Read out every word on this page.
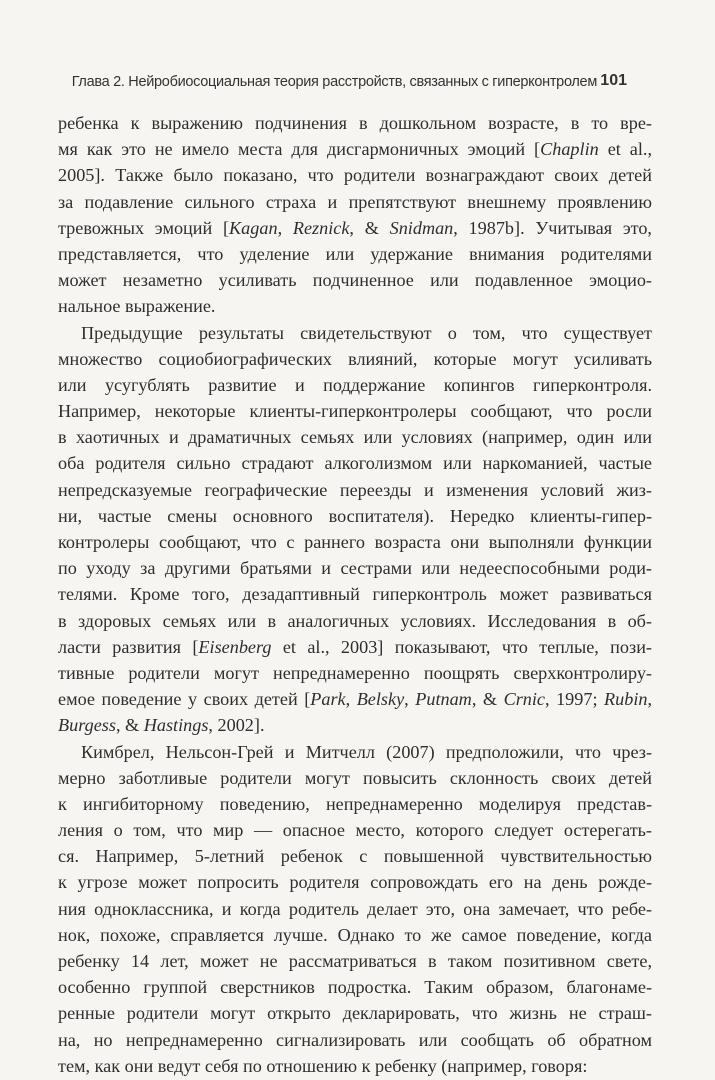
Глава 2. Нейробиосоциальная теория расстройств, связанных с гиперконтролем 101
ребенка к выражению подчинения в дошкольном возрасте, в то вре-
мя как это не имело места для дисгармоничных эмоций [Chaplin et al.,
2005]. Также было показано, что родители вознаграждают своих детей
за подавление сильного страха и препятствуют внешнему проявлению
тревожных эмоций [Kagan, Reznick, & Snidman, 1987b]. Учитывая это,
представляется, что уделение или удержание внимания родителями
может незаметно усиливать подчиненное или подавленное эмоцио-
нальное выражение.
Предыдущие результаты свидетельствуют о том, что существует
множество социобиографических влияний, которые могут усиливать
или усугублять развитие и поддержание копингов гиперконтроля.
Например, некоторые клиенты-гиперконтролеры сообщают, что росли
в хаотичных и драматичных семьях или условиях (например, один или
оба родителя сильно страдают алкоголизмом или наркоманией, частые
непредсказуемые географические переезды и изменения условий жиз-
ни, частые смены основного воспитателя). Нередко клиенты-гипер-
контролеры сообщают, что с раннего возраста они выполняли функции
по уходу за другими братьями и сестрами или недееспособными роди-
телями. Кроме того, дезадаптивный гиперконтроль может развиваться
в здоровых семьях или в аналогичных условиях. Исследования в об-
ласти развития [Eisenberg et al., 2003] показывают, что теплые, пози-
тивные родители могут непреднамеренно поощрять сверхконтролиру-
емое поведение у своих детей [Park, Belsky, Putnam, & Crnic, 1997; Rubin,
Burgess, & Hastings, 2002].
Кимбрел, Нельсон-Грей и Митчелл (2007) предположили, что чрез-
мерно заботливые родители могут повысить склонность своих детей
к ингибиторному поведению, непреднамеренно моделируя представ-
ления о том, что мир — опасное место, которого следует остерегать-
ся. Например, 5-летний ребенок с повышенной чувствительностью
к угрозе может попросить родителя сопровождать его на день рожде-
ния одноклассника, и когда родитель делает это, она замечает, что ребе-
нок, похоже, справляется лучше. Однако то же самое поведение, когда
ребенку 14 лет, может не рассматриваться в таком позитивном свете,
особенно группой сверстников подростка. Таким образом, благонаме-
ренные родители могут открыто декларировать, что жизнь не страш-
на, но непреднамеренно сигнализировать или сообщать об обратном
тем, как они ведут себя по отношению к ребенку (например, говоря:
